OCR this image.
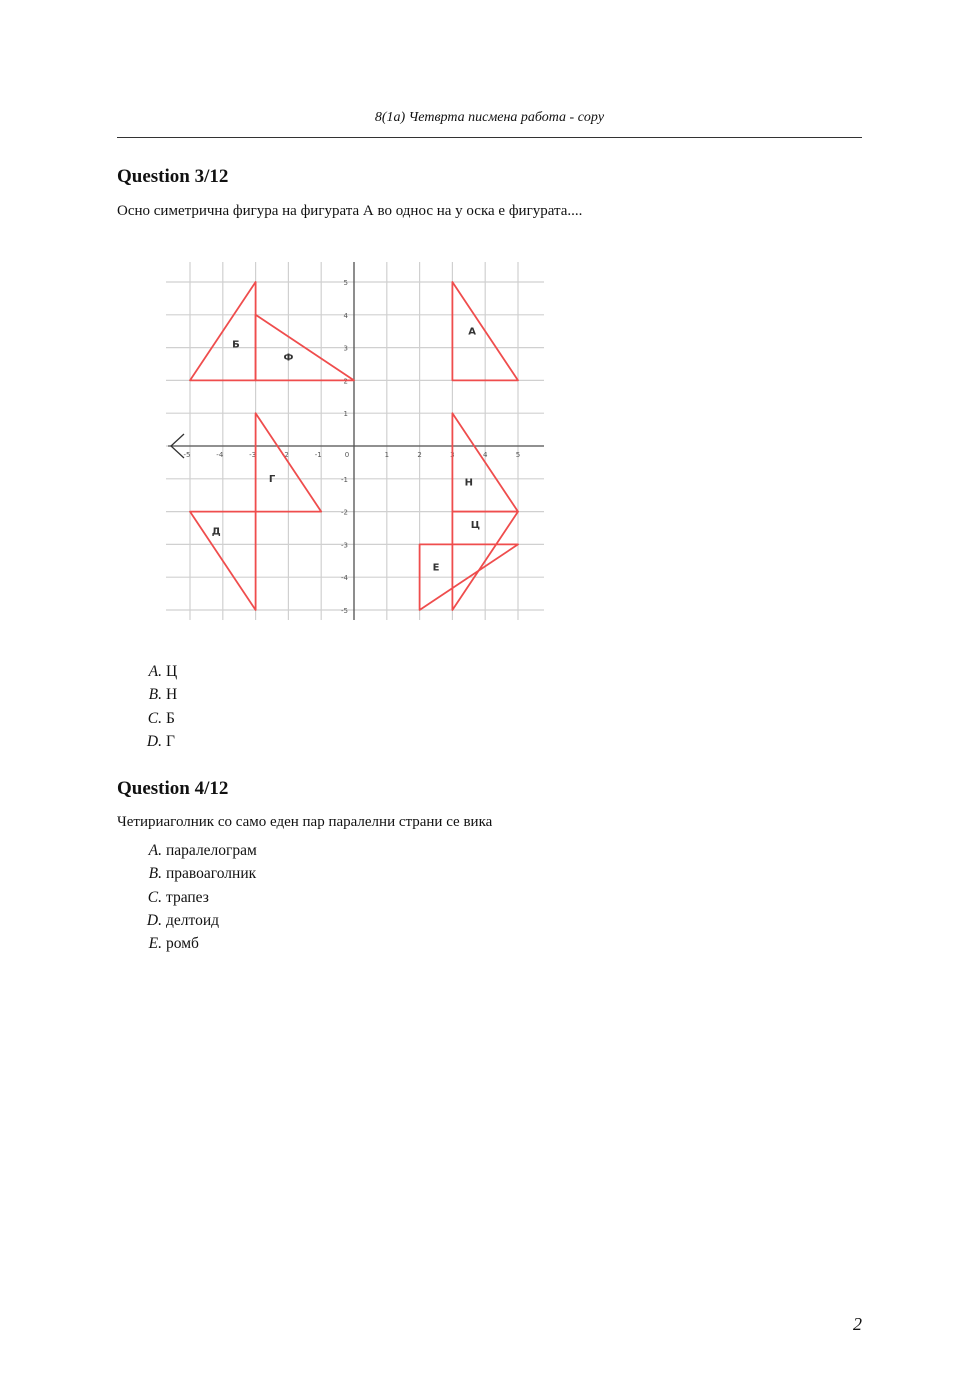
8(1а) Четврта писмена работа - copy
Question 3/12
Осно симетрична фигура на фигурата А во однос на у оска е фигурата....
-5	-4	-3	-2	-1	0	1	2	3	4	5
5
4
3
2
1
-1
-2
-3
-4
-5
А
Б
Ф
Г
Д
Н
Ц
Е
A. Ц
B. Н
C. Б
D. Г
Question 4/12
Четириаголник со само еден пар паралелни страни се вика
A. паралелограм
B. правоаголник
C. трапез
D. делтоид
E. ромб
2
